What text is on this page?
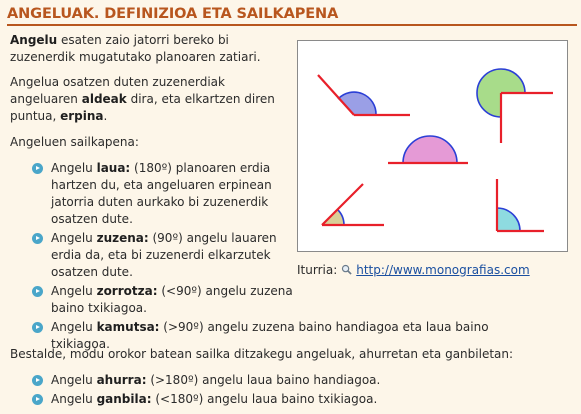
ANGELUAK. DEFINIZIOA ETA SAILKAPENA
Angelu esaten zaio jatorri bereko bi zuzenerdik mugatutako planoaren zatiari.
Angelua osatzen duten zuzenerdiak angeluaren aldeak dira, eta elkartzen diren puntua, erpina.
Angeluen sailkapena:
Angelu laua: (180º) planoaren erdia hartzen du, eta angeluaren erpinean jatorria duten aurkako bi zuzenerdik osatzen dute.
Angelu zuzena: (90º) angelu lauaren erdia da, eta bi zuzenerdi elkarzutek osatzen dute.
Angelu zorrotza: (<90º) angelu zuzena baino txikiagoa.
Angelu kamutsa: (>90º) angelu zuzena baino handiagoa eta laua baino txikiagoa.
Iturria: http://www.monografias.com
Bestalde, modu orokor batean sailka ditzakegu angeluak, ahurretan eta ganbiletan:
Angelu ahurra: (>180º) angelu laua baino handiagoa.
Angelu ganbila: (<180º) angelu laua baino txikiagoa.
